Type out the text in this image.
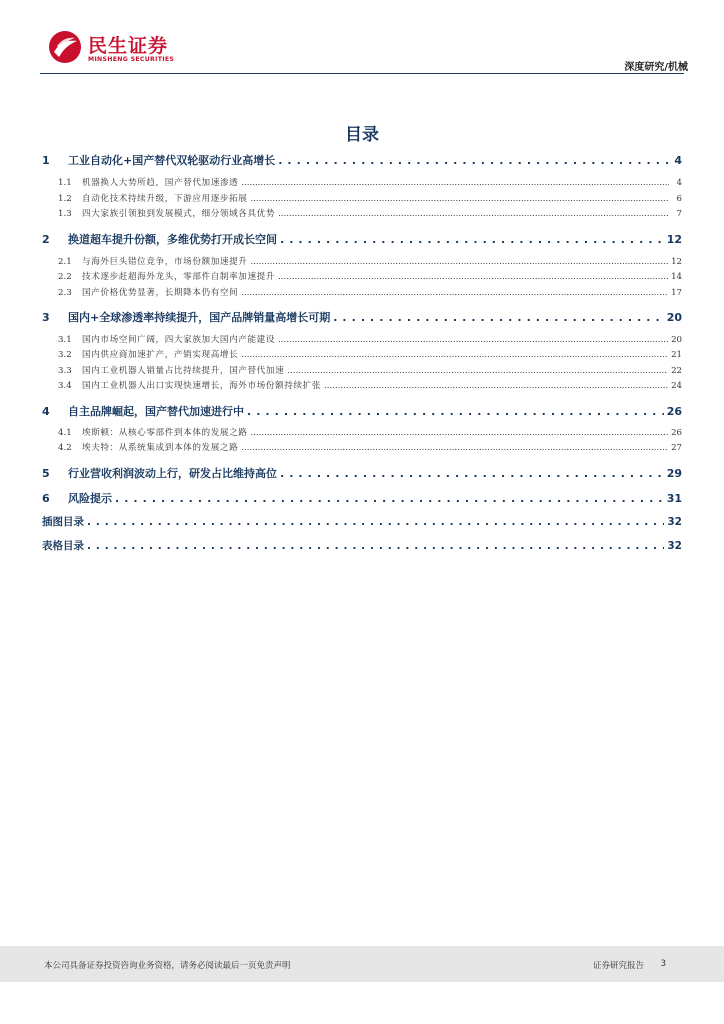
民生证券
MINSHENG SECURITIES
深度研究/机械
目录
1	工业自动化+国产替代双轮驱动行业高增长 . . .	4
1.1	机器换人大势所趋，国产替代加速渗透 .....	4
1.2	自动化技术持续升级，下游应用逐步拓展 .....	6
1.3	四大家族引领独到发展模式，细分领域各具优势 .....	7
2	换道超车提升份额，多维优势打开成长空间 . . .	12
2.1	与海外巨头错位竞争，市场份额加速提升 .....	12
2.2	技术逐步赶超海外龙头，零部件自制率加速提升 .....	14
2.3	国产价格优势显著，长期降本仍有空间 .....	17
3	国内+全球渗透率持续提升，国产品牌销量高增长可期 . . .	20
3.1	国内市场空间广阔，四大家族加大国内产能建设 .....	20
3.2	国内供应商加速扩产，产销实现高增长 .....	21
3.3	国内工业机器人销量占比持续提升，国产替代加速 .....	22
3.4	国内工业机器人出口实现快速增长，海外市场份额持续扩张 .....	24
4	自主品牌崛起，国产替代加速进行中 . . .	26
4.1	埃斯顿：从核心零部件到本体的发展之路 .....	26
4.2	埃夫特：从系统集成到本体的发展之路 .....	27
5	行业营收利润波动上行，研发占比维持高位 . . .	29
6	风险提示 . . .	31
插图目录 . . .	32
表格目录 . . .	32
本公司具备证券投资咨询业务资格，请务必阅读最后一页免责声明	证券研究报告 3
